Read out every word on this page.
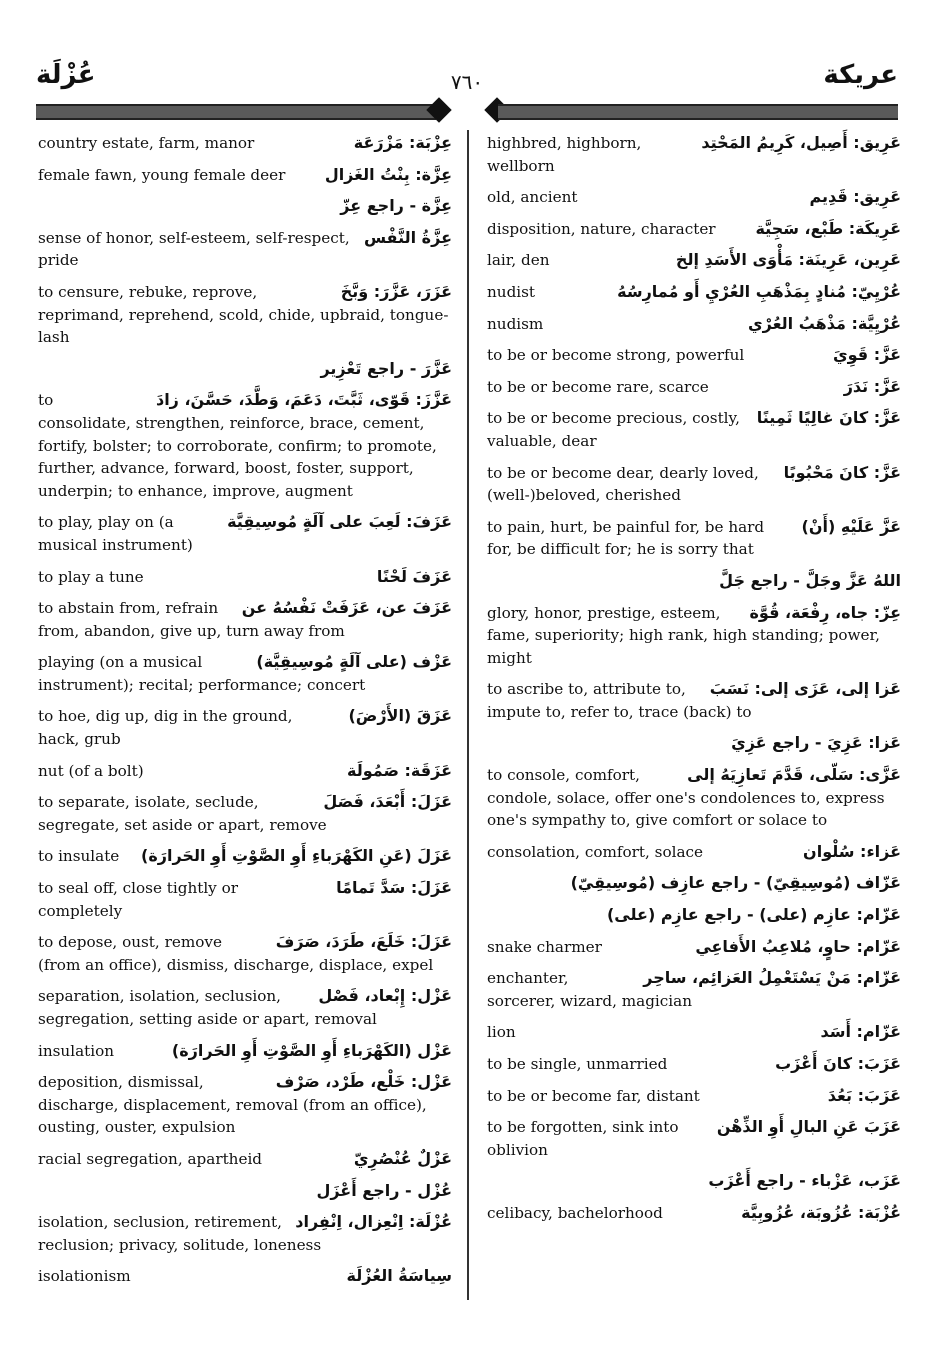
عُزْلَة	٧٦٠	عريكة
عِزْبَة: مَزْرَعَة
country estate, farm, manor
عِزَّة: بِنْتُ الغَزال
female fawn, young female deer
عِزَّة - راجع عِزّ
عِزَّةُ النَّفْس
sense of honor, self-esteem, self-respect, pride
عَزَرَ، عَزَّرَ: وَبَّخَ
to censure, rebuke, reprove, reprimand, reprehend, scold, chide, upbraid, tongue-lash
عَزَّرَ - راجع تَعْزِير
عَزَّزَ: قَوّى، ثَبَّتَ، دَعَمَ، وَطَّدَ، حَسَّنَ، زادَ
to consolidate, strengthen, reinforce, brace, cement, fortify, bolster; to corroborate, confirm; to promote, further, advance, forward, boost, foster, support, underpin; to enhance, improve, augment
عَزَفَ: لَعِبَ على آلَةٍ مُوسِيقِيَّة
to play, play on (a musical instrument)
عَزَفَ لَحْنًا
to play a tune
عَزَفَ عن، عَزَفَتْ نَفْسُهُ عن
to abstain from, refrain from, abandon, give up, turn away from
عَزْف (على آلَةٍ مُوسِيقِيَّة)
playing (on a musical instrument); recital; performance; concert
عَزَقَ (الأَرْضَ)
to hoe, dig up, dig in the ground, hack, grub
عَزَقَة: صَمُولَة
nut (of a bolt)
عَزَلَ: أَبْعَدَ، فَصَلَ
to separate, isolate, seclude, segregate, set aside or apart, remove
عَزَلَ (عَنِ الكَهْرَباءِ أَوِ الصَّوْتِ أَوِ الحَرارَة)
to insulate
عَزَلَ: سَدَّ تَمامًا
to seal off, close tightly or completely
عَزَلَ: خَلَعَ، طَرَدَ، صَرَفَ
to depose, oust, remove (from an office), dismiss, discharge, displace, expel
عَزْل: إِبْعاد، فَصْل
separation, isolation, seclusion, segregation, setting aside or apart, removal
عَزْل (الكَهْرَباءِ أَوِ الصَّوْتِ أَوِ الحَرارَة)
insulation
عَزْل: خَلْع، طَرْد، صَرْف
deposition, dismissal, discharge, displacement, removal (from an office), ousting, ouster, expulsion
عَزْلٌ عُنْصُرِيّ
racial segregation, apartheid
عُزْل - راجع أَعْزَل
عُزْلَة: اِنْعِزال، اِنْفِراد
isolation, seclusion, retirement, reclusion; privacy, solitude, loneness
سِياسَةُ العُزْلَة
isolationism
عَرِيق: أَصِيل، كَرِيمُ المَحْتِد
highbred, highborn, wellborn
عَرِيق: قَدِيم
old, ancient
عَرِيكَة: طَبْع، سَجِيَّة
disposition, nature, character
عَرِين، عَرِينَة: مَأْوَى الأَسَدِ إلخ
lair, den
عُرْيِيّ: مُنادٍ بِمَذْهَبِ العُرْيِ أَو مُمارِسُهُ
nudist
عُرْيِيَّة: مَذْهَبُ العُرْي
nudism
عَزَّ: قَوِيَ
to be or become strong, powerful
عَزَّ: نَدَرَ
to be or become rare, scarce
عَزَّ: كانَ غالِيًا ثَمِينًا
to be or become precious, costly, valuable, dear
عَزَّ: كانَ مَحْبُوبًا
to be or become dear, dearly loved, (well-)beloved, cherished
عَزَّ عَلَيْهِ (أَنْ)
to pain, hurt, be painful for, be hard for, be difficult for; he is sorry that
اللهُ عَزَّ وجَلَّ - راجع جَلَّ
عِزّ: جاه، رِفْعَة، قُوَّة
glory, honor, prestige, esteem, fame, superiority; high rank, high standing; power, might
عَزا إلى، عَزَى إلى: نَسَبَ
to ascribe to, attribute to, impute to, refer to, trace (back) to
عَزا: عَزِيَ - راجع عَزِيَ
عَزَّى: سَلّى، قَدَّمَ تَعازِيَهُ إلى
to console, comfort, condole, solace, offer one's condolences to, express one's sympathy to, give comfort or solace to
عَزاء: سُلْوان
consolation, comfort, solace
عَزّاف (مُوسِيقِيّ) - راجع عازِف (مُوسِيقِيّ)
عَزّام: عازِم (على) - راجع عازِم (على)
عَزّام: حاوٍ، مُلاعِبُ الأَفاعِي
snake charmer
عَزّام: مَنْ يَسْتَعْمِلُ العَزائِم، ساحِر
enchanter, sorcerer, wizard, magician
عَزّام: أَسَد
lion
عَزَبَ: كانَ أَعْزَب
to be single, unmarried
عَزَبَ: بَعُدَ
to be or become far, distant
عَزَبَ عَنِ البالِ أَوِ الذِّهْن
to be forgotten, sink into oblivion
عَزَب، عَزْباء - راجع أَعْزَب
عُزْبَة: عُزُوبَة، عُزُوبِيَّة
celibacy, bachelorhood
